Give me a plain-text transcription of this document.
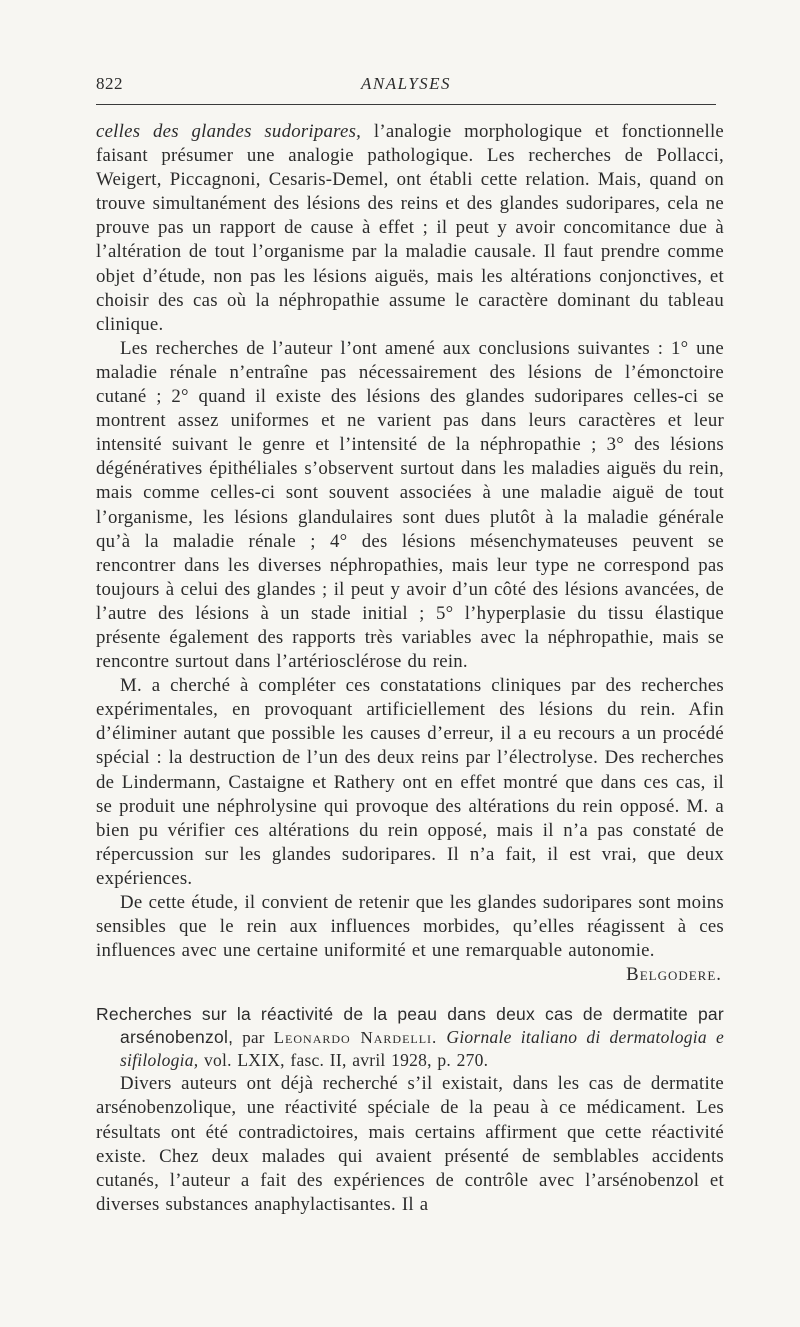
822	ANALYSES

celles des glandes sudoripares, l’analogie morphologique et fonctionnelle faisant présumer une analogie pathologique. Les recherches de Pollacci, Weigert, Piccagnoni, Cesaris-Demel, ont établi cette relation. Mais, quand on trouve simultanément des lésions des reins et des glandes sudoripares, cela ne prouve pas un rapport de cause à effet ; il peut y avoir concomitance due à l’altération de tout l’organisme par la maladie causale. Il faut prendre comme objet d’étude, non pas les lésions aiguës, mais les altérations conjonctives, et choisir des cas où la néphropathie assume le caractère dominant du tableau clinique.

Les recherches de l’auteur l’ont amené aux conclusions suivantes : 1° une maladie rénale n’entraîne pas nécessairement des lésions de l’émonctoire cutané ; 2° quand il existe des lésions des glandes sudoripares celles-ci se montrent assez uniformes et ne varient pas dans leurs caractères et leur intensité suivant le genre et l’intensité de la néphropathie ; 3° des lésions dégénératives épithéliales s’observent surtout dans les maladies aiguës du rein, mais comme celles-ci sont souvent associées à une maladie aiguë de tout l’organisme, les lésions glandulaires sont dues plutôt à la maladie générale qu’à la maladie rénale ; 4° des lésions mésenchymateuses peuvent se rencontrer dans les diverses néphropathies, mais leur type ne correspond pas toujours à celui des glandes ; il peut y avoir d’un côté des lésions avancées, de l’autre des lésions à un stade initial ; 5° l’hyperplasie du tissu élastique présente également des rapports très variables avec la néphropathie, mais se rencontre surtout dans l’artériosclérose du rein.

M. a cherché à compléter ces constatations cliniques par des recherches expérimentales, en provoquant artificiellement des lésions du rein. Afin d’éliminer autant que possible les causes d’erreur, il a eu recours a un procédé spécial : la destruction de l’un des deux reins par l’électrolyse. Des recherches de Lindermann, Castaigne et Rathery ont en effet montré que dans ces cas, il se produit une néphrolysine qui provoque des altérations du rein opposé. M. a bien pu vérifier ces altérations du rein opposé, mais il n’a pas constaté de répercussion sur les glandes sudoripares. Il n’a fait, il est vrai, que deux expériences.

De cette étude, il convient de retenir que les glandes sudoripares sont moins sensibles que le rein aux influences morbides, qu’elles réagissent à ces influences avec une certaine uniformité et une remarquable autonomie.
Belgodere.

Recherches sur la réactivité de la peau dans deux cas de dermatite par arsénobenzol, par Leonardo Nardelli. Giornale italiano di dermatologia e sifilologia, vol. LXIX, fasc. II, avril 1928, p. 270.

Divers auteurs ont déjà recherché s’il existait, dans les cas de dermatite arsénobenzolique, une réactivité spéciale de la peau à ce médicament. Les résultats ont été contradictoires, mais certains affirment que cette réactivité existe. Chez deux malades qui avaient présenté de semblables accidents cutanés, l’auteur a fait des expériences de contrôle avec l’arsénobenzol et diverses substances anaphylactisantes. Il a
